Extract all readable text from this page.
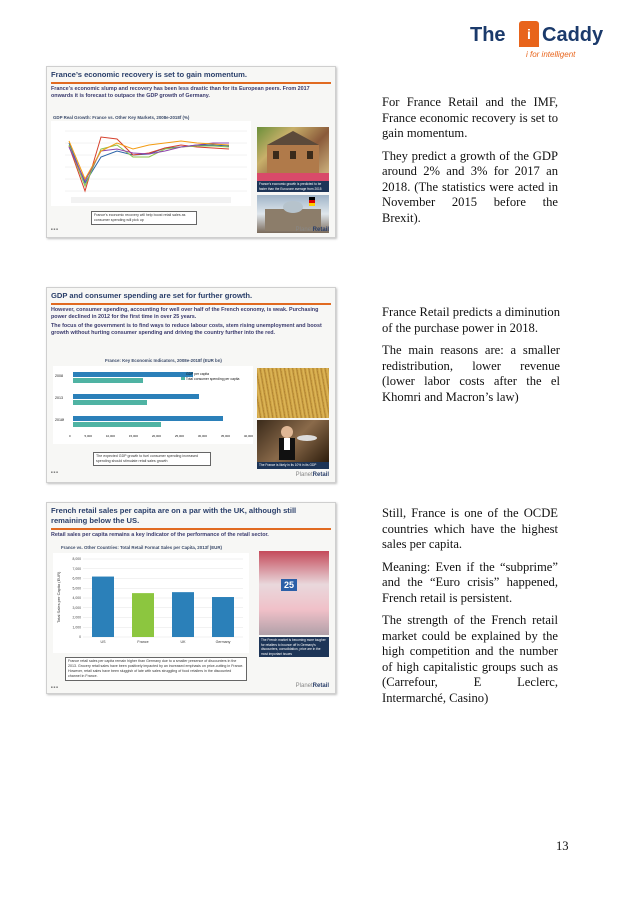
The	i Caddy
i for intelligent
France’s economic recovery is set to gain momentum.
France’s economic slump and recovery has been less drastic than for its European peers. From 2017 onwards it is forecast to outpace the GDP growth of Germany.
GDP Real Growth: France vs. Other Key Markets, 2008e-2018f (%)
France’s economic recovery will help boost retail sales as consumer spending will pick up
France’s economic growth is predicted to be faster than the Eurozone average from 2015
■ ■ ■	PlanetRetail
GDP and consumer spending are set for further growth.
However, consumer spending, accounting for well over half of the French economy, is weak. Purchasing power declined in 2012 for the first time in over 25 years.
The focus of the government is to find ways to reduce labour costs, stem rising unemployment and boost growth without hurting consumer spending and driving the country further into the red.
France: Key Economic Indicators, 2008e-2018f (EUR bn)
2008
2013
2018f
GDP per capita
Total consumer spending per capita
0	5,000	10,000	15,000	20,000	25,000	30,000	35,000	40,000
The expected GDP growth to fuel consumer spending increased spending should stimulate retail sales growth
The France is likely in its 10% in its GDP
■ ■ ■	PlanetRetail
French retail sales per capita are on a par with the UK, although still remaining below the US.
Retail sales per capita remains a key indicator of the performance of the retail sector.
France vs. Other Countries: Total Retail Format Sales per Capita, 2013f (EUR)
Total Sales per Capita (EUR)
8,000
7,000
6,000
5,000
4,000
3,000
2,000
1,000
0
US	France	UK	Germany
France retail sales per capita remain higher than Germany due to a smaller presence of discounters in the 2013. Grocery retail sales have been positively impacted by an increased emphasis on price-cutting in France. However, retail sales have been sluggish of late with sales struggling of food retailers in the discounted channel in France.
25
The French market is becoming more tougher for retailers to bounce off in Germany's discounters, consolidation, price are in the most important issues
■ ■ ■	PlanetRetail

For France Retail and the IMF, France economic recovery is set to gain momentum.

They predict a growth of the GDP around 2% and 3% for 2017 an 2018. (The statistics were acted in November 2015 before the Brexit).

France Retail predicts a diminution of the purchase power in 2018.

The main reasons are: a smaller redistribution, lower revenue (lower labor costs after the el Khomri and Macron’s law)

Still, France is one of the OCDE countries which have the highest sales per capita.

Meaning: Even if the “subprime” and the “Euro crisis” happened, French retail is persistent.

The strength of the French retail market could be explained by the high competition and the number of high capitalistic groups such as (Carrefour, E Leclerc, Intermarché, Casino)

13
